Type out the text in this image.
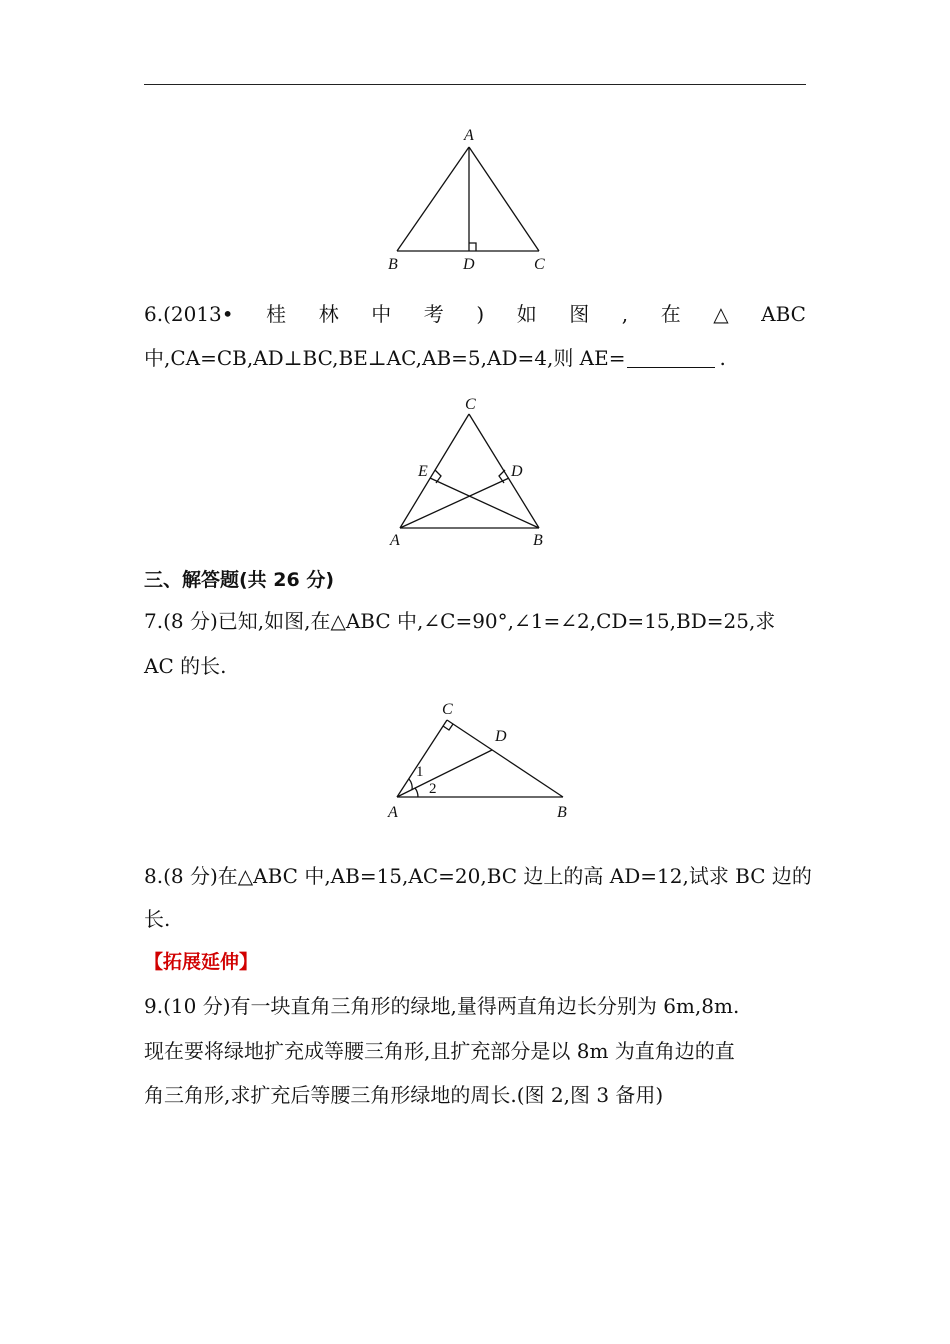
A
B	D	C
6.(2013• 桂 林 中 考 ) 如 图 , 在 △ ABC
中,CA=CB,AD⊥BC,BE⊥AC,AB=5,AD=4,则 AE=	.
C
E	D
A	B
三、解答题(共 26 分)
7.(8 分)已知,如图,在△ABC 中,∠C=90°,∠1=∠2,CD=15,BD=25,求
AC 的长.
C
D
A	B
1
2
8.(8 分)在△ABC 中,AB=15,AC=20,BC 边上的高 AD=12,试求 BC 边的
长.
【拓展延伸】
9.(10 分)有一块直角三角形的绿地,量得两直角边长分别为 6m,8m.
现在要将绿地扩充成等腰三角形,且扩充部分是以 8m 为直角边的直
角三角形,求扩充后等腰三角形绿地的周长.(图 2,图 3 备用)
